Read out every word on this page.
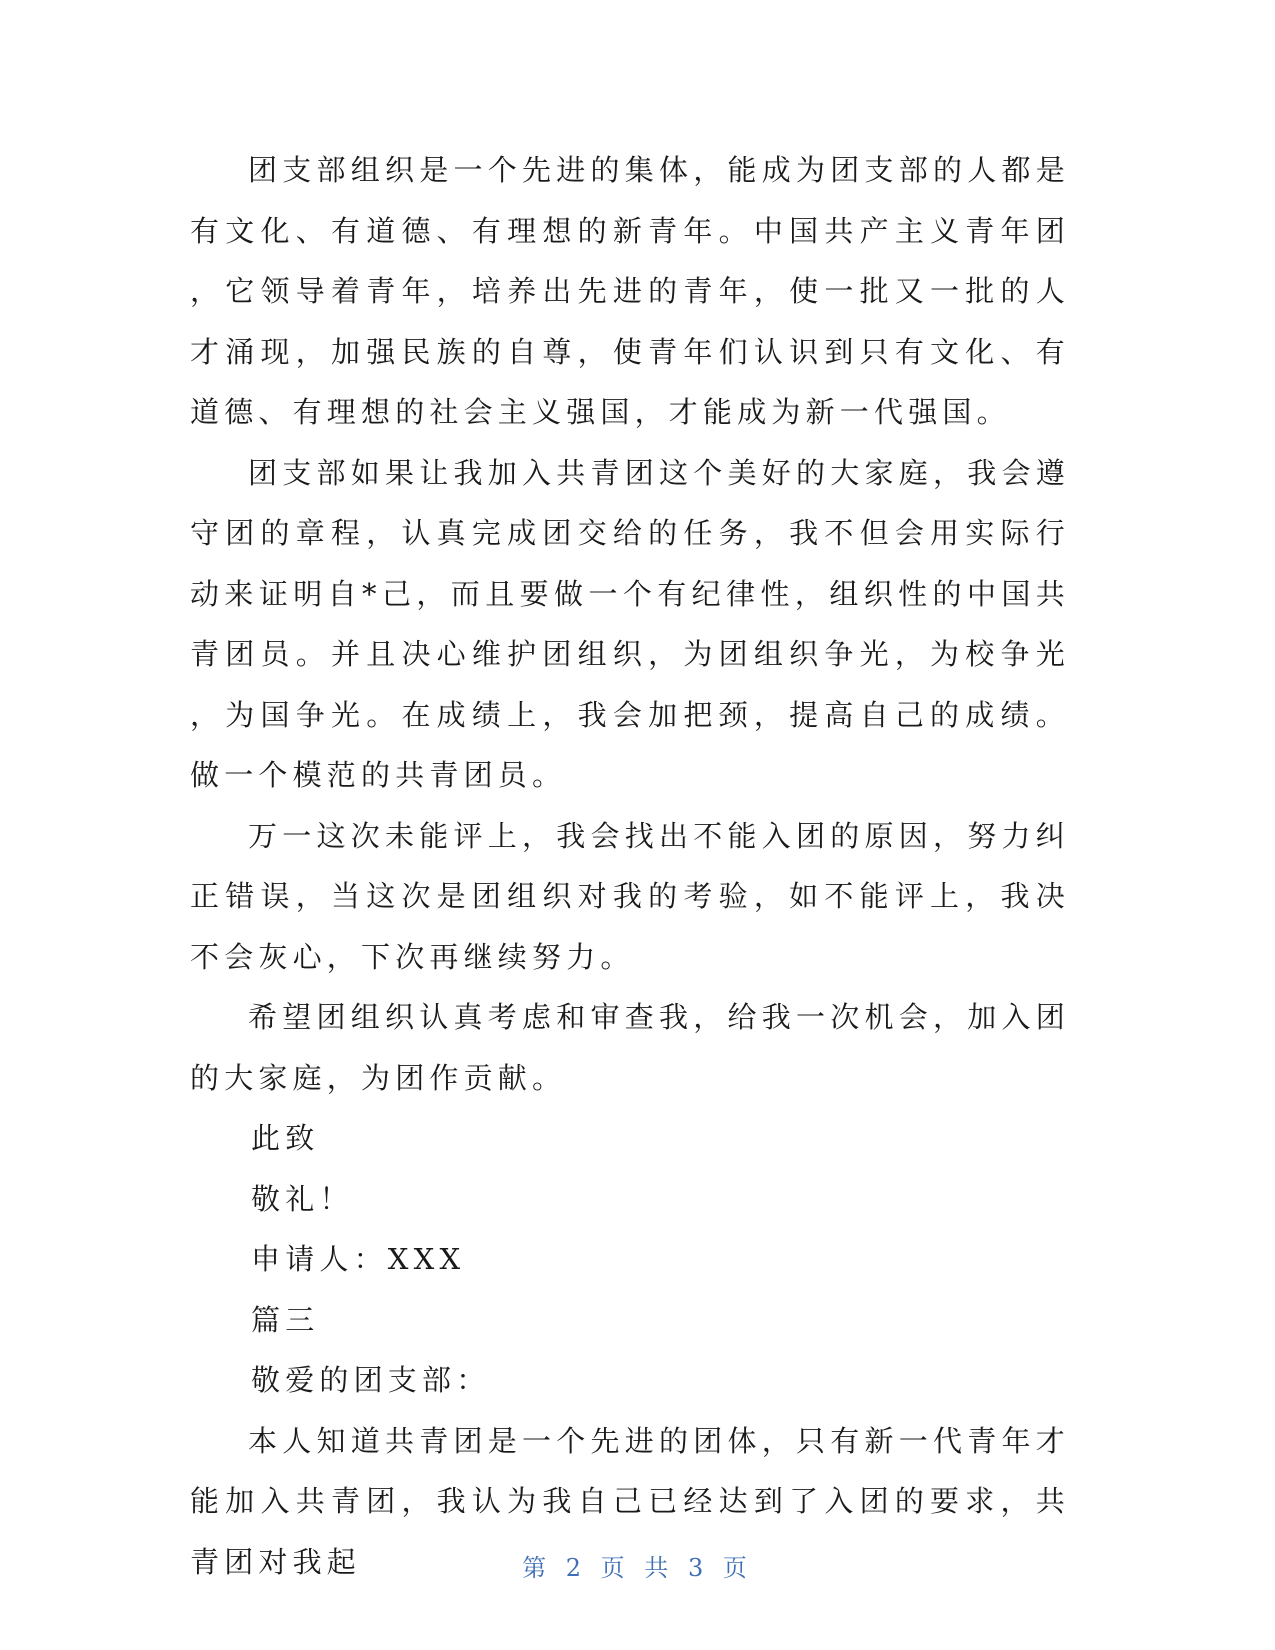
团支部组织是一个先进的集体，能成为团支部的人都是有文化、有道德、有理想的新青年。中国共产主义青年团，它领导着青年，培养出先进的青年，使一批又一批的人才涌现，加强民族的自尊，使青年们认识到只有文化、有道德、有理想的社会主义强国，才能成为新一代强国。

团支部如果让我加入共青团这个美好的大家庭，我会遵守团的章程，认真完成团交给的任务，我不但会用实际行动来证明自*己，而且要做一个有纪律性，组织性的中国共青团员。并且决心维护团组织，为团组织争光，为校争光，为国争光。在成绩上，我会加把颈，提高自己的成绩。做一个模范的共青团员。

万一这次未能评上，我会找出不能入团的原因，努力纠正错误，当这次是团组织对我的考验，如不能评上，我决不会灰心，下次再继续努力。

希望团组织认真考虑和审查我，给我一次机会，加入团的大家庭，为团作贡献。

此致

敬礼！

申请人：XXX

篇三

敬爱的团支部：

本人知道共青团是一个先进的团体，只有新一代青年才能加入共青团，我认为我自己已经达到了入团的要求，共青团对我起	第 2 页 共 3 页
